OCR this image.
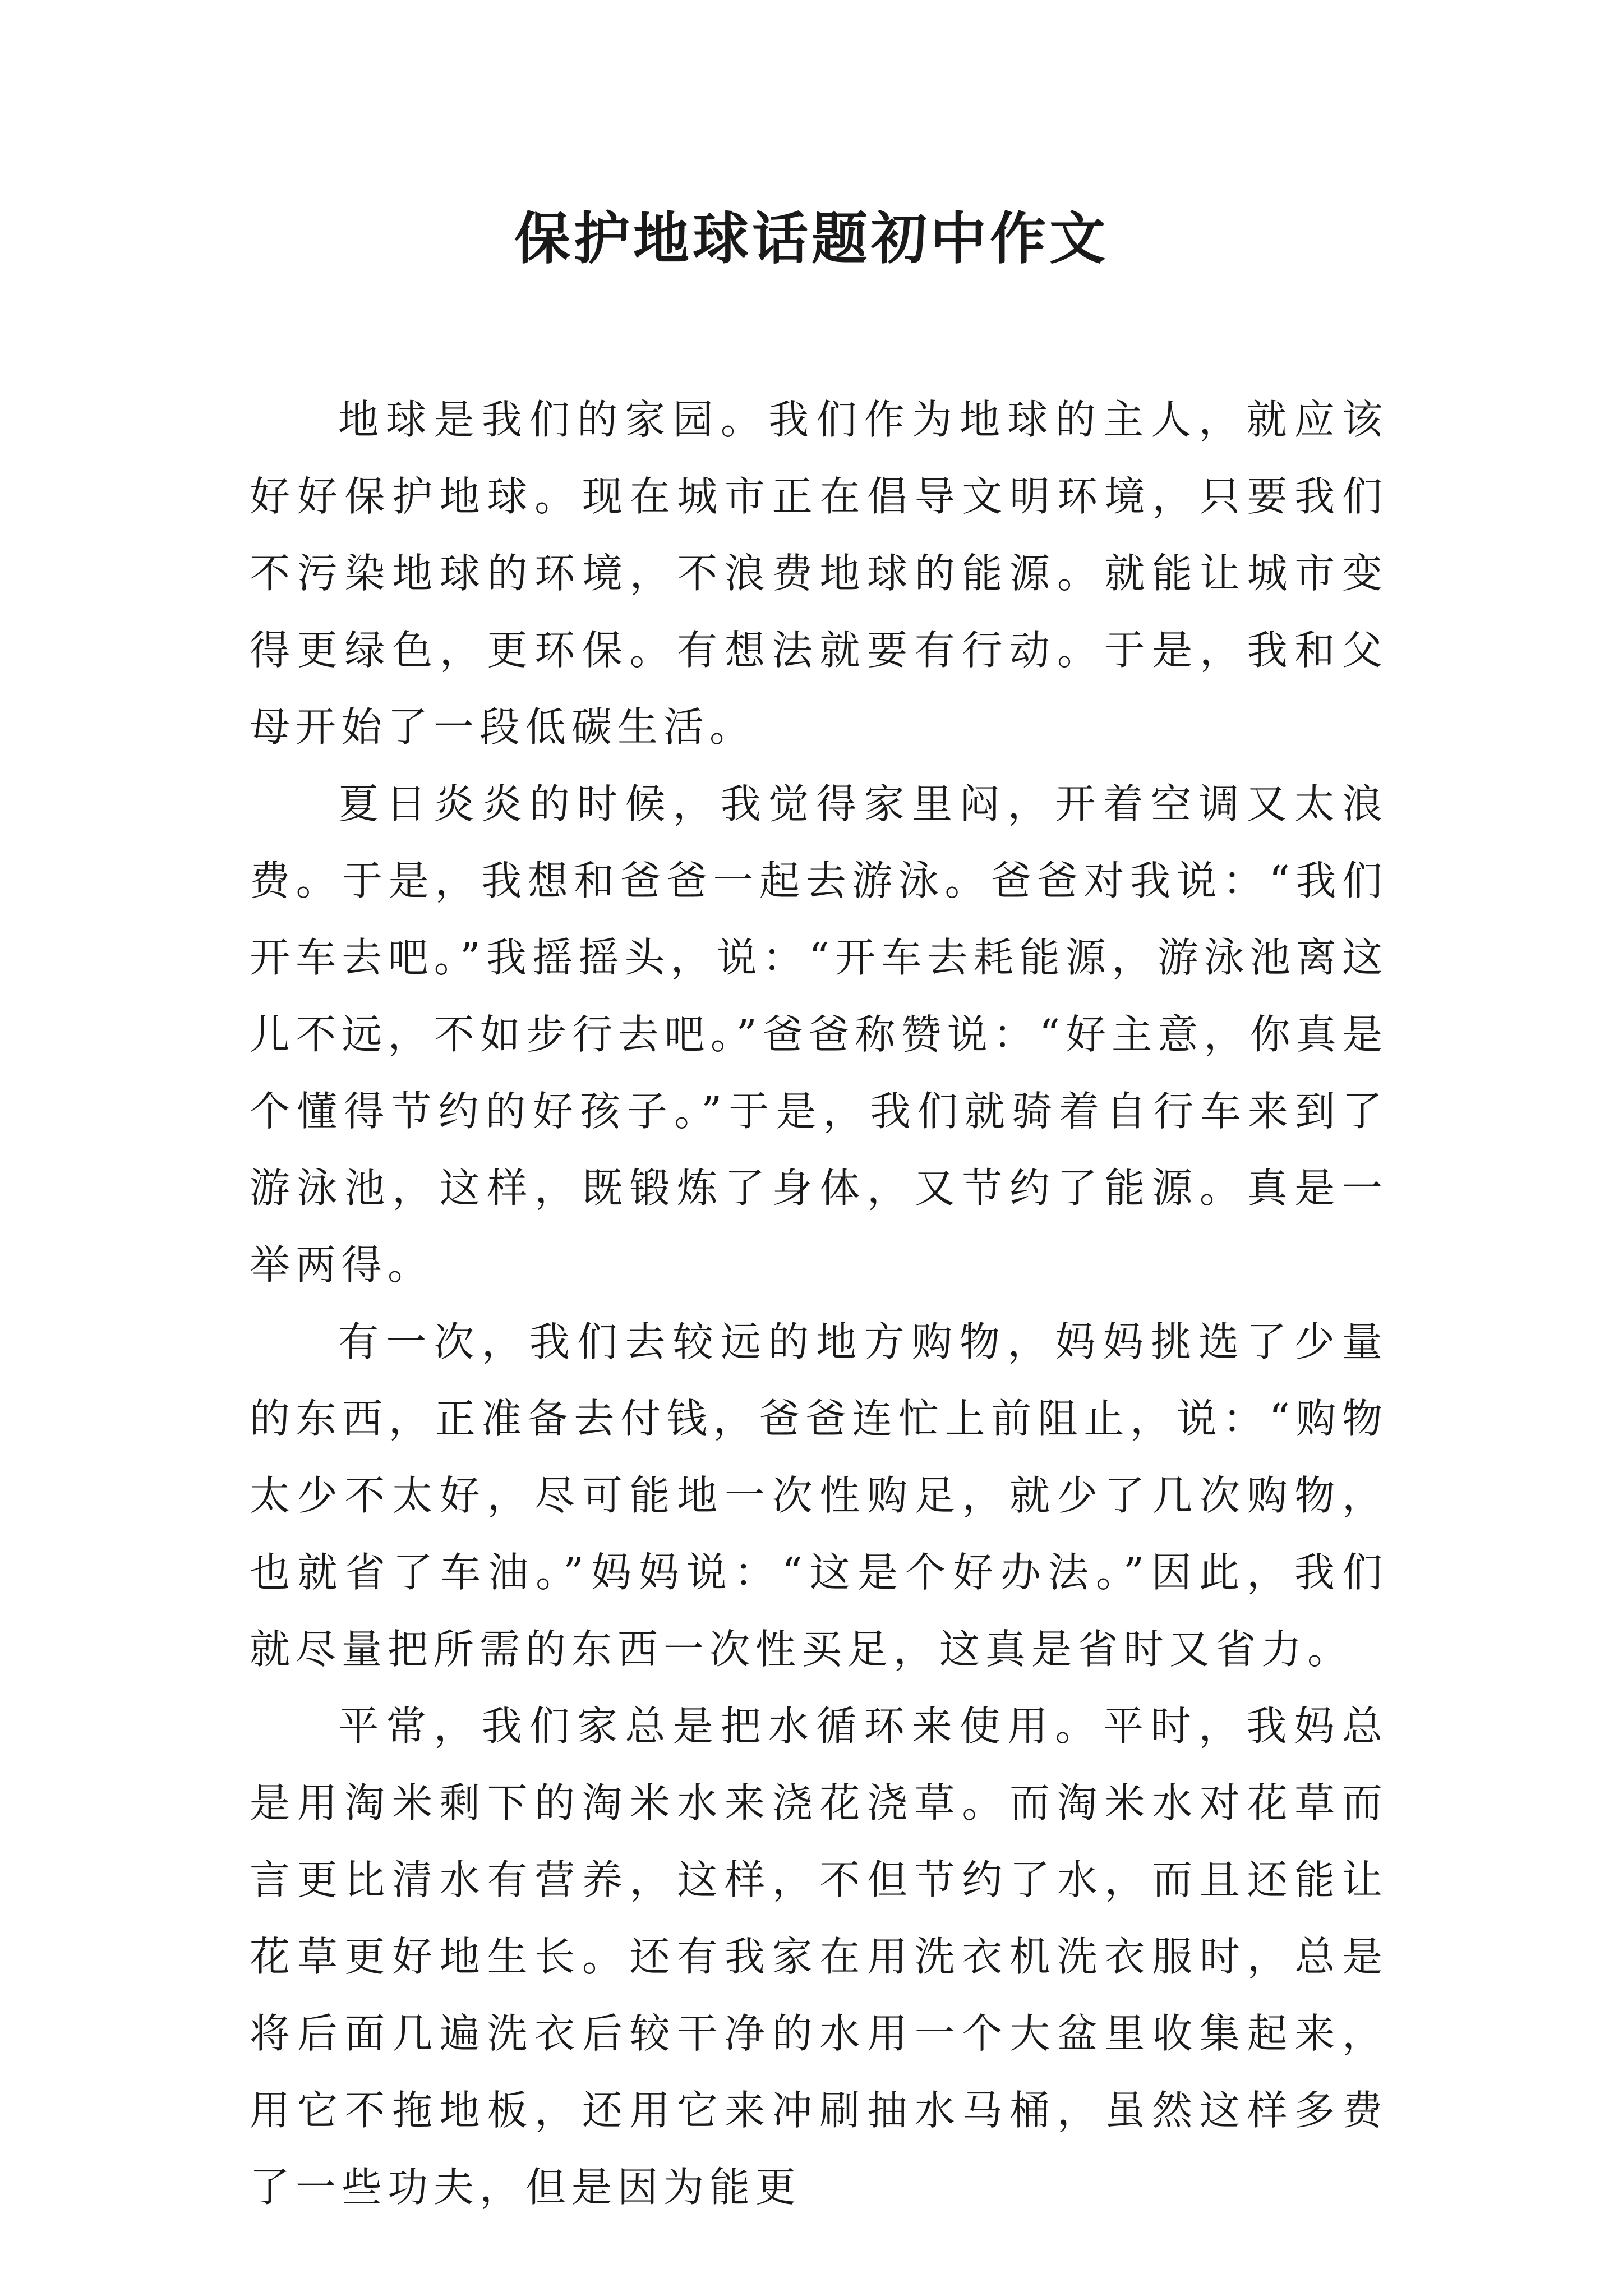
保护地球话题初中作文

地球是我们的家园。我们作为地球的主人，就应该好好保护地球。现在城市正在倡导文明环境，只要我们不污染地球的环境，不浪费地球的能源。就能让城市变得更绿色，更环保。有想法就要有行动。于是，我和父母开始了一段低碳生活。

夏日炎炎的时候，我觉得家里闷，开着空调又太浪费。于是，我想和爸爸一起去游泳。爸爸对我说：“我们开车去吧。”我摇摇头，说：“开车去耗能源，游泳池离这儿不远，不如步行去吧。”爸爸称赞说：“好主意，你真是个懂得节约的好孩子。”于是，我们就骑着自行车来到了游泳池，这样，既锻炼了身体，又节约了能源。真是一举两得。

有一次，我们去较远的地方购物，妈妈挑选了少量的东西，正准备去付钱，爸爸连忙上前阻止，说：“购物太少不太好，尽可能地一次性购足，就少了几次购物，也就省了车油。”妈妈说：“这是个好办法。”因此，我们就尽量把所需的东西一次性买足，这真是省时又省力。

平常，我们家总是把水循环来使用。平时，我妈总是用淘米剩下的淘米水来浇花浇草。而淘米水对花草而言更比清水有营养，这样，不但节约了水，而且还能让花草更好地生长。还有我家在用洗衣机洗衣服时，总是将后面几遍洗衣后较干净的水用一个大盆里收集起来，用它不拖地板，还用它来冲刷抽水马桶，虽然这样多费了一些功夫，但是因为能更
